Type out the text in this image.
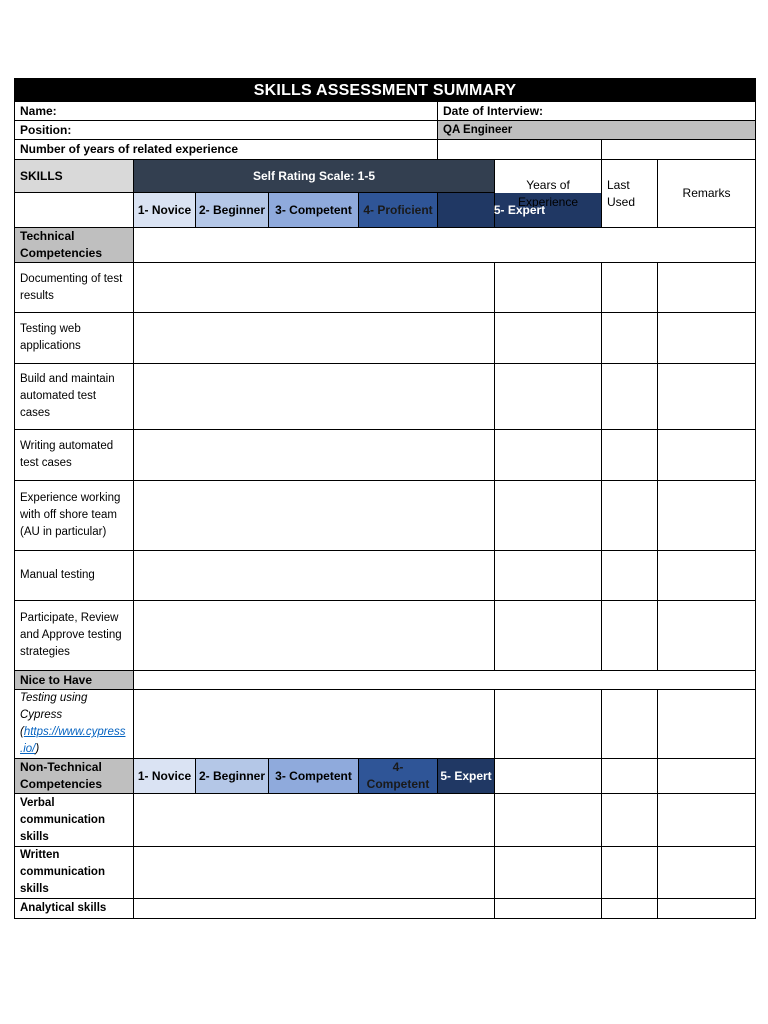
SKILLS ASSESSMENT SUMMARY								
Name:					Date of Interview:			
Position:					QA Engineer			
Number of years of related experience								
SKILLS	Self Rating Scale: 1-5					Years of Experience	Last Used	Remarks
	1- Novice	2- Beginner	3- Competent	4- Proficient	5- Expert			
Technical Competencies								
Documenting of test results								
Testing web applications								
Build and maintain automated test cases								
Writing automated test cases								
Experience working with off shore team (AU in particular)								
Manual testing								
Participate, Review and Approve testing strategies								
Nice to Have								
Testing using Cypress (https://www.cypress.io/)								
Non-Technical Competencies	1- Novice	2- Beginner	3- Competent	4- Competent	5- Expert			
Verbal communication skills								
Written communication skills								
Analytical skills								
